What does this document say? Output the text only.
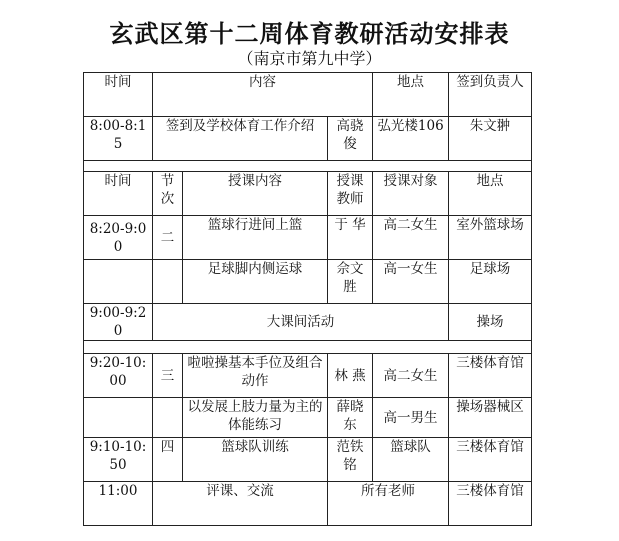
玄武区第十二周体育教研活动安排表
（南京市第九中学）
时间	内容			地点	签到负责人
8:00-8:15	签到及学校体育工作介绍		高骁俊	弘光楼106	朱文翀

时间	节次	授课内容	授课教师	授课对象	地点
8:20-9:00	二	篮球行进间上篮	于 华	高二女生	室外篮球场
		足球脚内侧运球	佘文胜	高一女生	足球场
9:00-9:20	大课间活动				操场

9:20-10:00	三	啦啦操基本手位及组合动作	林 燕	高二女生	三楼体育馆
		以发展上肢力量为主的体能练习	薛晓东	高一男生	操场器械区
9:10-10:50	四	篮球队训练	范铁铭	篮球队	三楼体育馆
11:00	评课、交流		所有老师		三楼体育馆
